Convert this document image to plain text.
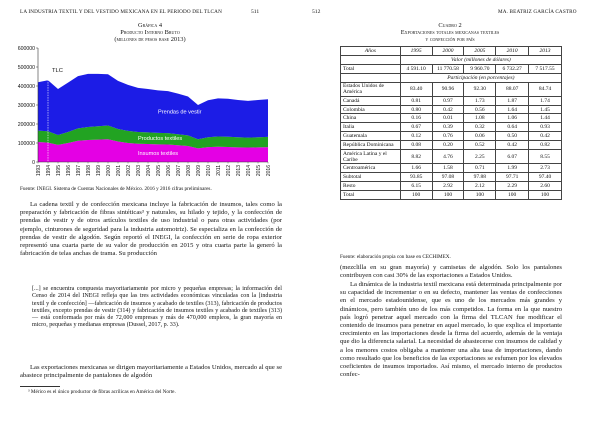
LA INDUSTRIA TEXTIL Y DEL VESTIDO MEXICANA EN EL PERIODO DEL TLCAN	511
Gráfica 4
Producto Interno Bruto
(millones de pesos base 2013)
Insumos textiles
Productos textiles
Prendas de vestir
0
100000
200000
300000
400000
500000
600000
1993 1994 1995 1996 1997 1998 1999 2000 2001 2002 2003 2004 2005 2006 2007 2008 2009 2010 2011 2012 2013 2014 2015 2016
TLC
Fuente: INEGI. Sistema de Cuentas Nacionales de México. 2016 y 2016 cifras preliminares.

La cadena textil y de confección mexicana incluye la fabricación de insumos, tales como la preparación y fabricación de fibras sintéticas³ y naturales, su hilado y tejido, y la confección de prendas de vestir y de otros artículos textiles de uso industrial o para otras actividades (por ejemplo, cinturones de seguridad para la industria automotriz). Se especializa en la confección de prendas de vestir de algodón. Según reportó el INEGI, la confección en serie de ropa exterior representó una cuarta parte de su valor de producción en 2015 y otra cuarta parte la generó la fabricación de telas anchas de trama. Su producción

[...] se encuentra compuesta mayoritariamente por micro y pequeñas empresas; la información del Censo de 2014 del INEGI refleja que las tres actividades económicas vinculadas con la [industria textil y de confección] —fabricación de insumos y acabado de textiles (313), fabricación de productos textiles, excepto prendas de vestir (314) y fabricación de insumos textiles y acabado de textiles (313)— está conformada por más de 72,000 empresas y más de 470,000 empleos, la gran mayoría en micro, pequeñas y medianas empresas (Dussel, 2017, p. 33).

Las exportaciones mexicanas se dirigen mayoritariamente a Estados Unidos, mercado al que se abastece principalmente de pantalones de algodón

³ Mérico es el único productor de fibras acrílicas en América del Norte.
512	MA. BEATRIZ GARCÍA CASTRO
Cuadro 2
Exportaciones totales mexicanas textiles
y confección por país
Años	1995	2000	2005	2010	2013
	Valor (millones de dólares)				
Total	4 591.10	11 770.58	9 960.70	6 732.27	7 517.55
	Participación (en porcentajes)				
Estados Unidos de América	83.40	90.96	92.30	88.07	84.74
Canadá	0.81	0.97	1.73	1.87	1.74
Colombia	0.80	0.42	0.56	1.64	1.45
China	0.16	0.01	1.08	1.06	1.44
Italia	0.67	0.39	0.32	0.64	0.93
Guatemala	0.12	0.76	0.06	0.50	0.42
República Dominicana	0.08	0.20	0.52	0.42	0.82
América Latina y el Caribe	8.82	4.76	2.25	6.07	8.55
Centroamérica	1.66	1.58	0.71	1.99	2.73
Subtotal	93.85	97.08	97.88	97.71	97.40
Resto	6.15	2.92	2.12	2.29	2.60
Total	100	100	100	100	100
Fuente: elaboración propia con base en CECHIMEX.

(mezclilla en su gran mayoría) y camisetas de algodón. Solo los pantalones contribuyen con casi 30% de las exportaciones a Estados Unidos.

La dinámica de la industria textil mexicana está determinada principalmente por su capacidad de incrementar o en su defecto, mantener las ventas de confecciones en el mercado estadounidense, que es uno de los mercados más grandes y dinámicos, pero también uno de los más competidos. La forma en la que nuestro país logró penetrar aquel mercado con la firma del TLCAN fue modificar el contenido de insumos para penetrar en aquel mercado, lo que explica el importante crecimiento en las importaciones desde la firma del acuerdo, además de la ventaja que dio la diferencia salarial. La necesidad de abastecerse con insumos de calidad y a los menores costos obligaba a mantener una alta tasa de importaciones, dando como resultado que los beneficios de las exportaciones se esfumen por los elevados coeficientes de insumos importados. Así mismo, el mercado interno de productos confec-
